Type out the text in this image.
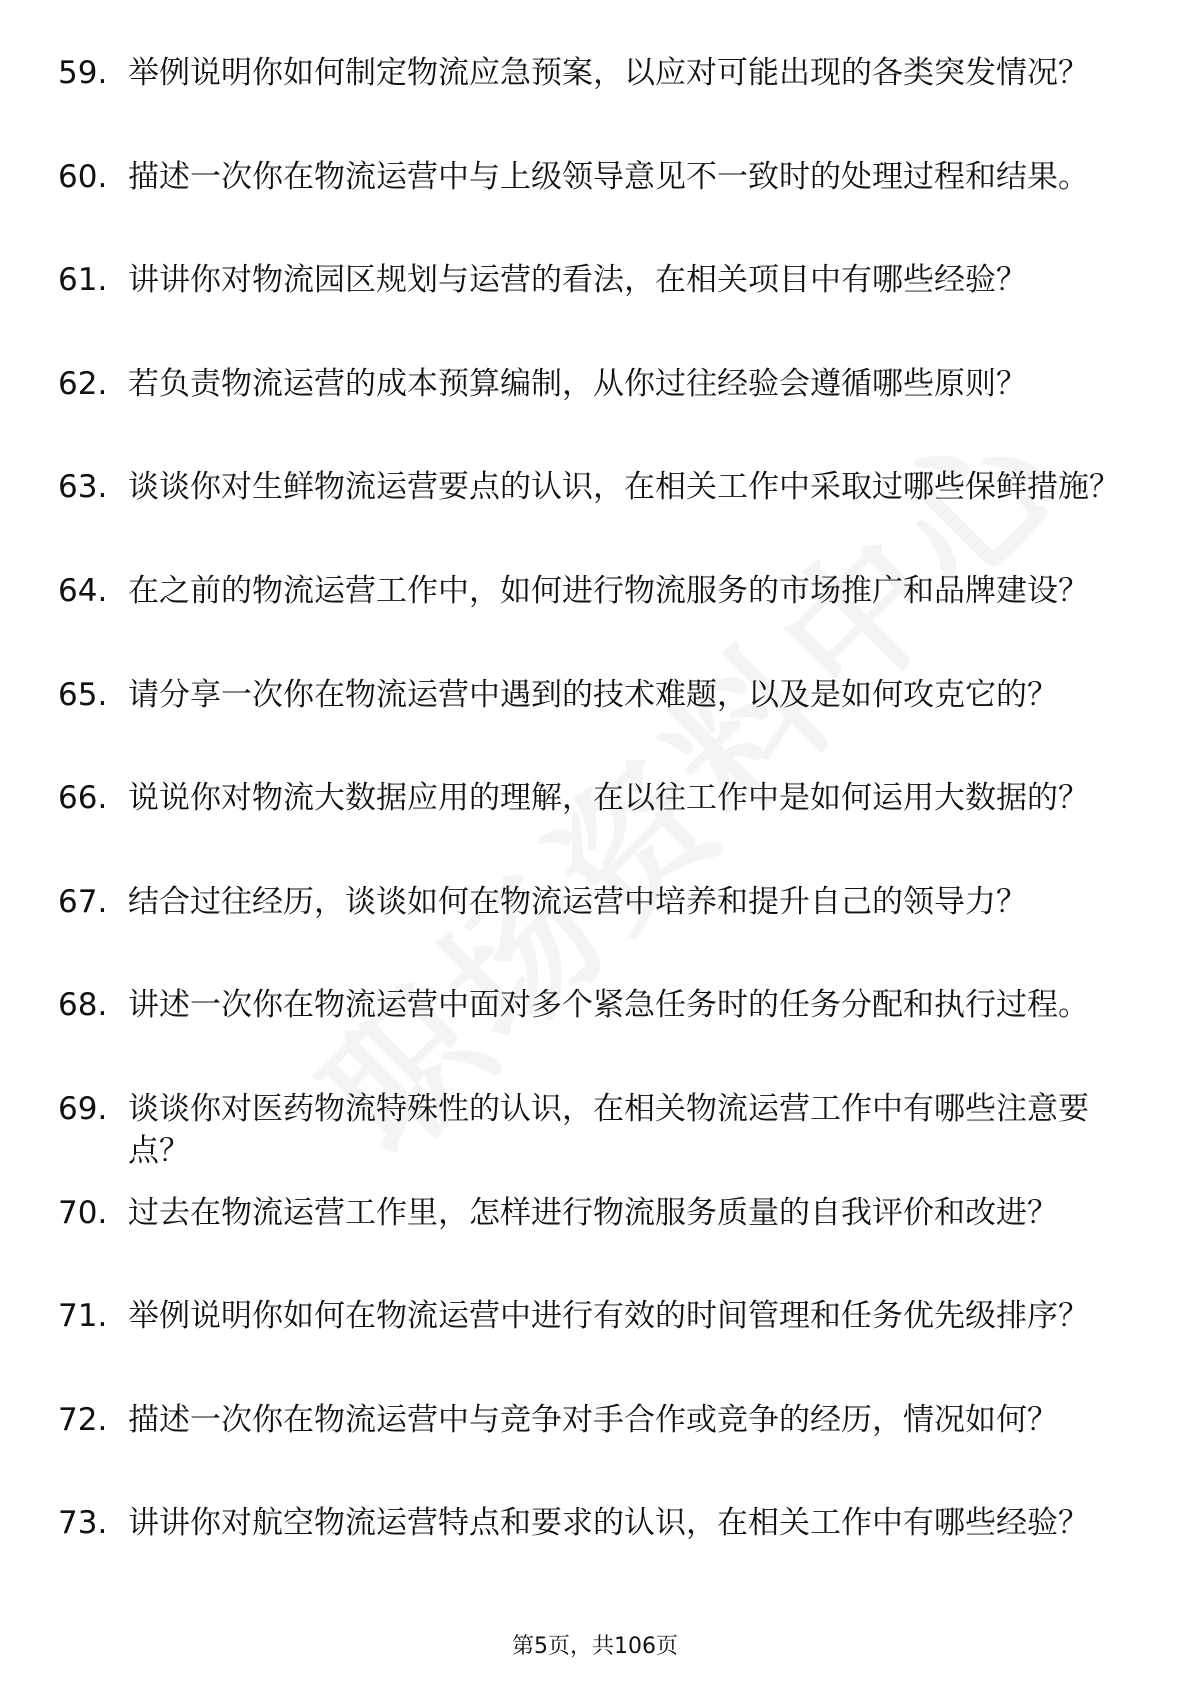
59. 举例说明你如何制定物流应急预案，以应对可能出现的各类突发情况？
60. 描述一次你在物流运营中与上级领导意见不一致时的处理过程和结果。
61. 讲讲你对物流园区规划与运营的看法，在相关项目中有哪些经验？
62. 若负责物流运营的成本预算编制，从你过往经验会遵循哪些原则？
63. 谈谈你对生鲜物流运营要点的认识，在相关工作中采取过哪些保鲜措施？
64. 在之前的物流运营工作中，如何进行物流服务的市场推广和品牌建设？
65. 请分享一次你在物流运营中遇到的技术难题，以及是如何攻克它的？
66. 说说你对物流大数据应用的理解，在以往工作中是如何运用大数据的？
67. 结合过往经历，谈谈如何在物流运营中培养和提升自己的领导力？
68. 讲述一次你在物流运营中面对多个紧急任务时的任务分配和执行过程。
69. 谈谈你对医药物流特殊性的认识，在相关物流运营工作中有哪些注意要点？
70. 过去在物流运营工作里，怎样进行物流服务质量的自我评价和改进？
71. 举例说明你如何在物流运营中进行有效的时间管理和任务优先级排序？
72. 描述一次你在物流运营中与竞争对手合作或竞争的经历，情况如何？
73. 讲讲你对航空物流运营特点和要求的认识，在相关工作中有哪些经验？
第5页，共106页
